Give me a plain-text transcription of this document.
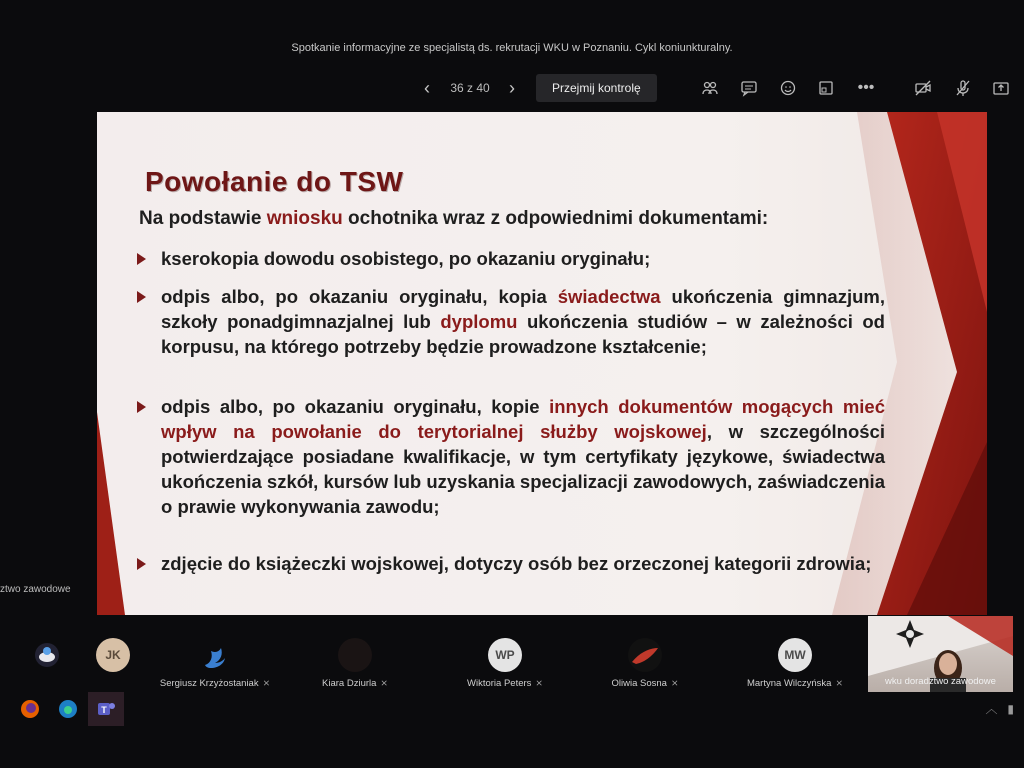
Spotkanie informacyjne ze specjalistą ds. rekrutacji WKU w Poznaniu. Cykl koniunkturalny.
‹	36 z 40	›	Przejmij kontrolę	•••
Powołanie do TSW
Na podstawie wniosku ochotnika wraz z odpowiednimi dokumentami:
kserokopia dowodu osobistego, po okazaniu oryginału;
odpis albo, po okazaniu oryginału, kopia świadectwa ukończenia gimnazjum, szkoły ponadgimnazjalnej lub dyplomu ukończenia studiów – w zależności od korpusu, na którego potrzeby będzie prowadzone kształcenie;
odpis albo, po okazaniu oryginału, kopie innych dokumentów mogących mieć wpływ na powołanie do terytorialnej służby wojskowej, w szczególności potwierdzające posiadane kwalifikacje, w tym certyfikaty językowe, świadectwa ukończenia szkół, kursów lub uzyskania specjalizacji zawodowych, zaświadczenia o prawie wykonywania zawodu;
zdjęcie do książeczki wojskowej, dotyczy osób bez orzeczonej kategorii zdrowia;
ztwo zawodowe
JK
Sergiusz Krzyżostaniak ⨯	Kiara Dziurla ⨯
WP
Wiktoria Peters ⨯	Oliwia Sosna ⨯
MW
Martyna Wilczyńska ⨯	wku doradztwo zawodowe
T	︿ ▮
